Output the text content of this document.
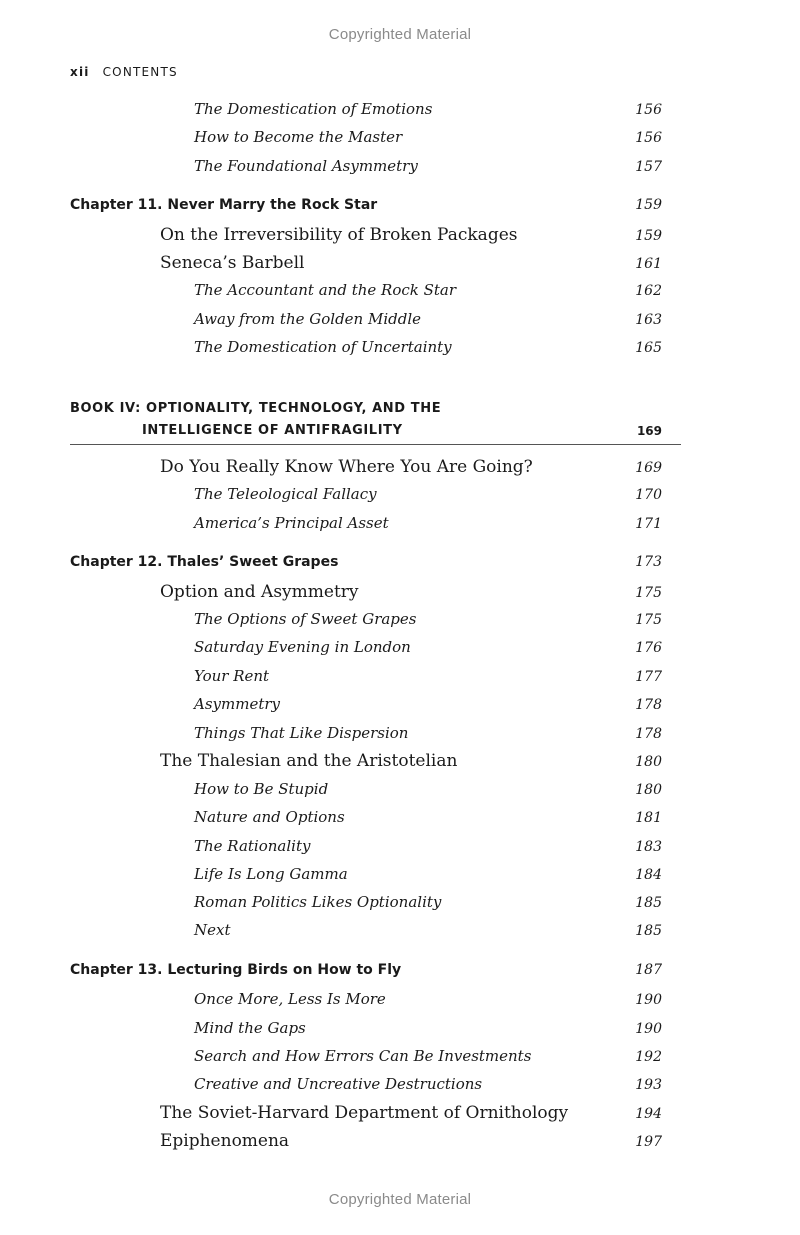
Copyrighted Material
xii CONTENTS
The Domestication of Emotions	156
How to Become the Master	156
The Foundational Asymmetry	157
Chapter 11. Never Marry the Rock Star	159
On the Irreversibility of Broken Packages	159
Seneca’s Barbell	161
The Accountant and the Rock Star	162
Away from the Golden Middle	163
The Domestication of Uncertainty	165
BOOK IV: OPTIONALITY, TECHNOLOGY, AND THE
INTELLIGENCE OF ANTIFRAGILITY	169
Do You Really Know Where You Are Going?	169
The Teleological Fallacy	170
America’s Principal Asset	171
Chapter 12. Thales’ Sweet Grapes	173
Option and Asymmetry	175
The Options of Sweet Grapes	175
Saturday Evening in London	176
Your Rent	177
Asymmetry	178
Things That Like Dispersion	178
The Thalesian and the Aristotelian	180
How to Be Stupid	180
Nature and Options	181
The Rationality	183
Life Is Long Gamma	184
Roman Politics Likes Optionality	185
Next	185
Chapter 13. Lecturing Birds on How to Fly	187
Once More, Less Is More	190
Mind the Gaps	190
Search and How Errors Can Be Investments	192
Creative and Uncreative Destructions	193
The Soviet-Harvard Department of Ornithology	194
Epiphenomena	197
Copyrighted Material
